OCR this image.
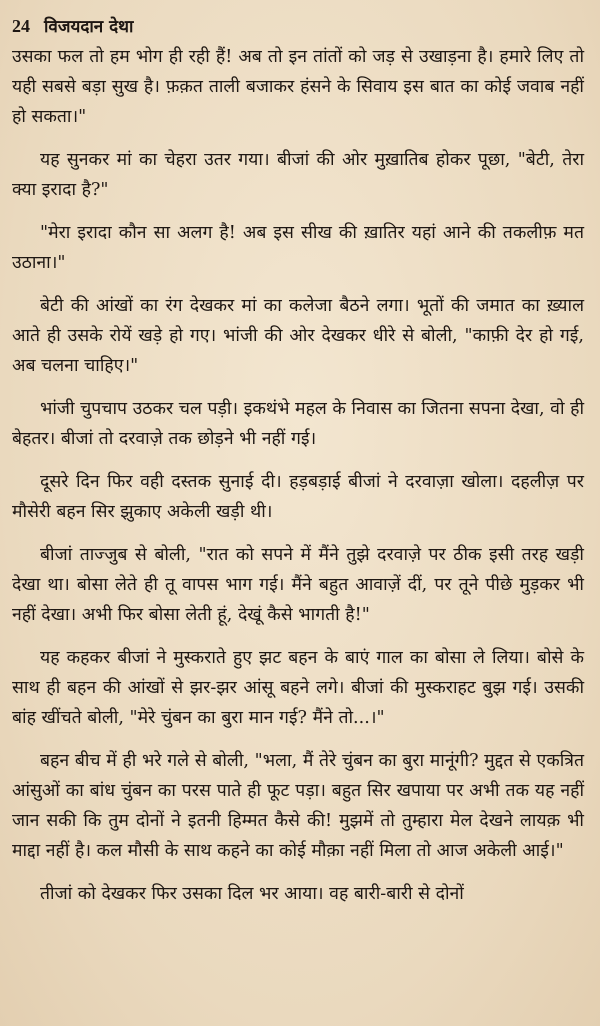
24 विजयदान देथा

उसका फल तो हम भोग ही रही हैं! अब तो इन तांतों को जड़ से उखाड़ना है। हमारे लिए तो यही सबसे बड़ा सुख है। फ़क़त ताली बजाकर हंसने के सिवाय इस बात का कोई जवाब नहीं हो सकता।"

यह सुनकर मां का चेहरा उतर गया। बीजां की ओर मुख़ातिब होकर पूछा, "बेटी, तेरा क्या इरादा है?"

"मेरा इरादा कौन सा अलग है! अब इस सीख की ख़ातिर यहां आने की तकलीफ़ मत उठाना।"

बेटी की आंखों का रंग देखकर मां का कलेजा बैठने लगा। भूतों की जमात का ख़्याल आते ही उसके रोयें खड़े हो गए। भांजी की ओर देखकर धीरे से बोली, "काफ़ी देर हो गई, अब चलना चाहिए।"

भांजी चुपचाप उठकर चल पड़ी। इकथंभे महल के निवास का जितना सपना देखा, वो ही बेहतर। बीजां तो दरवाज़े तक छोड़ने भी नहीं गई।

दूसरे दिन फिर वही दस्तक सुनाई दी। हड़बड़ाई बीजां ने दरवाज़ा खोला। दहलीज़ पर मौसेरी बहन सिर झुकाए अकेली खड़ी थी।

बीजां ताज्जुब से बोली, "रात को सपने में मैंने तुझे दरवाज़े पर ठीक इसी तरह खड़ी देखा था। बोसा लेते ही तू वापस भाग गई। मैंने बहुत आवाज़ें दीं, पर तूने पीछे मुड़कर भी नहीं देखा। अभी फिर बोसा लेती हूं, देखूं कैसे भागती है!"

यह कहकर बीजां ने मुस्कराते हुए झट बहन के बाएं गाल का बोसा ले लिया। बोसे के साथ ही बहन की आंखों से झर-झर आंसू बहने लगे। बीजां की मुस्कराहट बुझ गई। उसकी बांह खींचते बोली, "मेरे चुंबन का बुरा मान गई? मैंने तो...।"

बहन बीच में ही भरे गले से बोली, "भला, मैं तेरे चुंबन का बुरा मानूंगी? मुद्दत से एकत्रित आंसुओं का बांध चुंबन का परस पाते ही फूट पड़ा। बहुत सिर खपाया पर अभी तक यह नहीं जान सकी कि तुम दोनों ने इतनी हिम्मत कैसे की! मुझमें तो तुम्हारा मेल देखने लायक़ भी माद्दा नहीं है। कल मौसी के साथ कहने का कोई मौक़ा नहीं मिला तो आज अकेली आई।"

तीजां को देखकर फिर उसका दिल भर आया। वह बारी-बारी से दोनों
